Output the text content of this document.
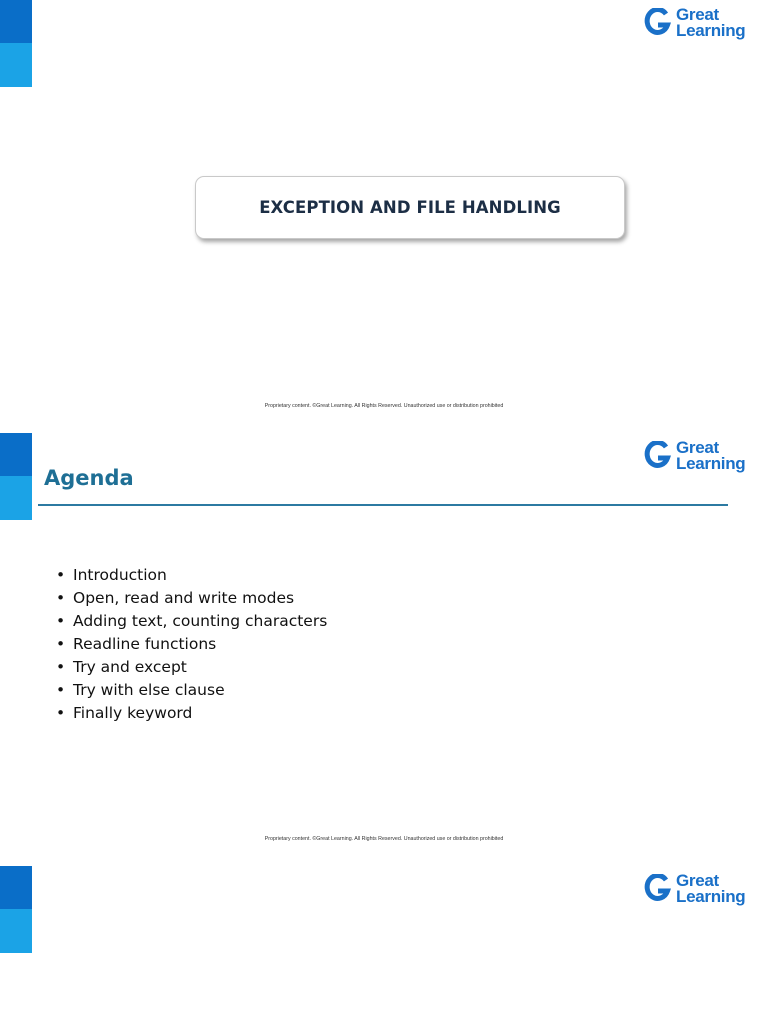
Great
Learning
EXCEPTION AND FILE HANDLING
Proprietary content. ©Great Learning. All Rights Reserved. Unauthorized use or distribution prohibited
Great
Learning
Agenda
• Introduction
• Open, read and write modes
• Adding text, counting characters
• Readline functions
• Try and except
• Try with else clause
• Finally keyword
Proprietary content. ©Great Learning. All Rights Reserved. Unauthorized use or distribution prohibited
Great
Learning
